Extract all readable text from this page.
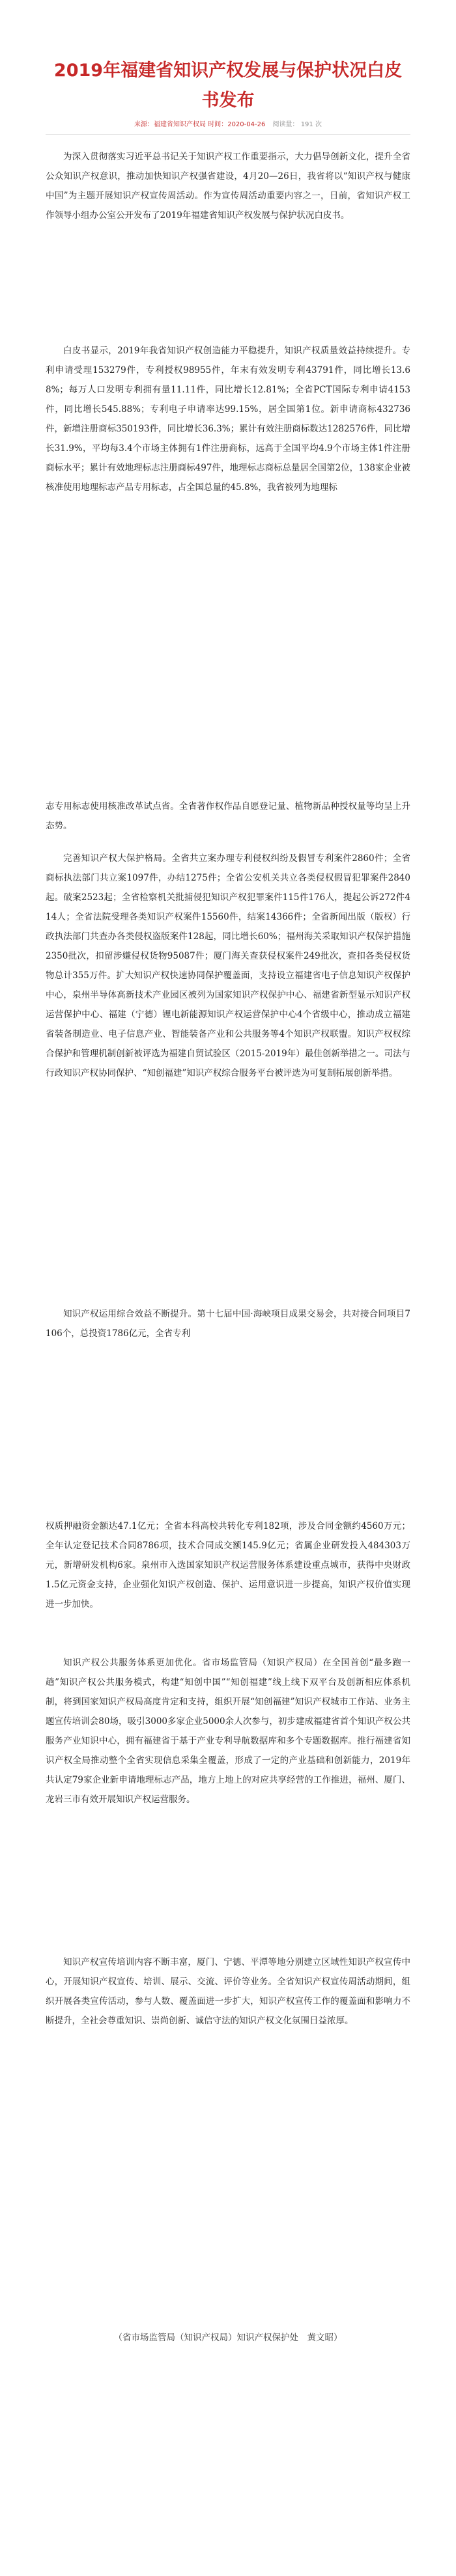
2019年福建省知识产权发展与保护状况白皮书发布
来源：福建省知识产权局 时间：2020-04-26 阅读量： 191 次

为深入贯彻落实习近平总书记关于知识产权工作重要指示，大力倡导创新文化，提升全省公众知识产权意识，推动加快知识产权强省建设，4月20—26日，我省将以“知识产权与健康中国”为主题开展知识产权宣传周活动。作为宣传周活动重要内容之一，日前，省知识产权工作领导小组办公室公开发布了2019年福建省知识产权发展与保护状况白皮书。

白皮书显示，2019年我省知识产权创造能力平稳提升，知识产权质量效益持续提升。专利申请受理153279件，专利授权98955件，年末有效发明专利43791件，同比增长13.68%；每万人口发明专利拥有量11.11件，同比增长12.81%；全省PCT国际专利申请4153件，同比增长545.88%；专利电子申请率达99.15%，居全国第1位。新申请商标432736件，新增注册商标350193件，同比增长36.3%；累计有效注册商标数达1282576件，同比增长31.9%，平均每3.4个市场主体拥有1件注册商标，远高于全国平均4.9个市场主体1件注册商标水平；累计有效地理标志注册商标497件，地理标志商标总量居全国第2位，138家企业被核准使用地理标志产品专用标志，占全国总量的45.8%，我省被列为地理标

志专用标志使用核准改革试点省。全省著作权作品自愿登记量、植物新品种授权量等均呈上升态势。

完善知识产权大保护格局。全省共立案办理专利侵权纠纷及假冒专利案件2860件；全省商标执法部门共立案1097件，办结1275件；全省公安机关共立各类侵权假冒犯罪案件2840起。破案2523起；全省检察机关批捕侵犯知识产权犯罪案件115件176人，提起公诉272件414人；全省法院受理各类知识产权案件15560件，结案14366件；全省新闻出版（版权）行政执法部门共查办各类侵权盗版案件128起，同比增长60%；福州海关采取知识产权保护措施2350批次，扣留涉嫌侵权货物95087件；厦门海关查获侵权案件249批次，查扣各类侵权货物总计355万件。扩大知识产权快速协同保护覆盖面，支持设立福建省电子信息知识产权保护中心，泉州半导体高新技术产业园区被列为国家知识产权保护中心、福建省新型显示知识产权运营保护中心、福建（宁德）锂电新能源知识产权运营保护中心4个省级中心，推动成立福建省装备制造业、电子信息产业、智能装备产业和公共服务等4个知识产权联盟。知识产权权综合保护和管理机制创新被评选为福建自贸试验区（2015-2019年）最佳创新举措之一。司法与行政知识产权协同保护、“知创福建”知识产权综合服务平台被评选为可复制拓展创新举措。

知识产权运用综合效益不断提升。第十七届中国·海峡项目成果交易会，共对接合同项目7106个，总投资1786亿元，全省专利

权质押融资金额达47.1亿元；全省本科高校共转化专利182项，涉及合同金额约4560万元；全年认定登记技术合同8786项，技术合同成交额145.9亿元；省属企业研发投入484303万元，新增研发机构6家。泉州市入选国家知识产权运营服务体系建设重点城市，获得中央财政1.5亿元资金支持，企业强化知识产权创造、保护、运用意识进一步提高，知识产权价值实现进一步加快。

知识产权公共服务体系更加优化。省市场监管局（知识产权局）在全国首创“最多跑一趟”知识产权公共服务模式，构建“知创中国”“知创福建”线上线下双平台及创新相应体系机制，将到国家知识产权局高度肯定和支持，组织开展“知创福建”知识产权城市工作站、业务主题宣传培训会80场，吸引3000多家企业5000余人次参与，初步建成福建省首个知识产权公共服务产业知识中心，拥有福建省于基于产业专利导航数据库和多个专题数据库。推行福建省知识产权全局推动整个全省实现信息采集全覆盖，形成了一定的产业基础和创新能力，2019年共认定79家企业新申请地理标志产品，地方上地上的对应共享经营的工作推进，福州、厦门、龙岩三市有效开展知识产权运营服务。

知识产权宣传培训内容不断丰富，厦门、宁德、平潭等地分别建立区域性知识产权宣传中心，开展知识产权宣传、培训、展示、交流、评价等业务。全省知识产权宣传周活动期间，组织开展各类宣传活动，参与人数、覆盖面进一步扩大，知识产权宣传工作的覆盖面和影响力不断提升，全社会尊重知识、崇尚创新、诚信守法的知识产权文化氛围日益浓厚。

（省市场监管局（知识产权局）知识产权保护处　黄文昭）
